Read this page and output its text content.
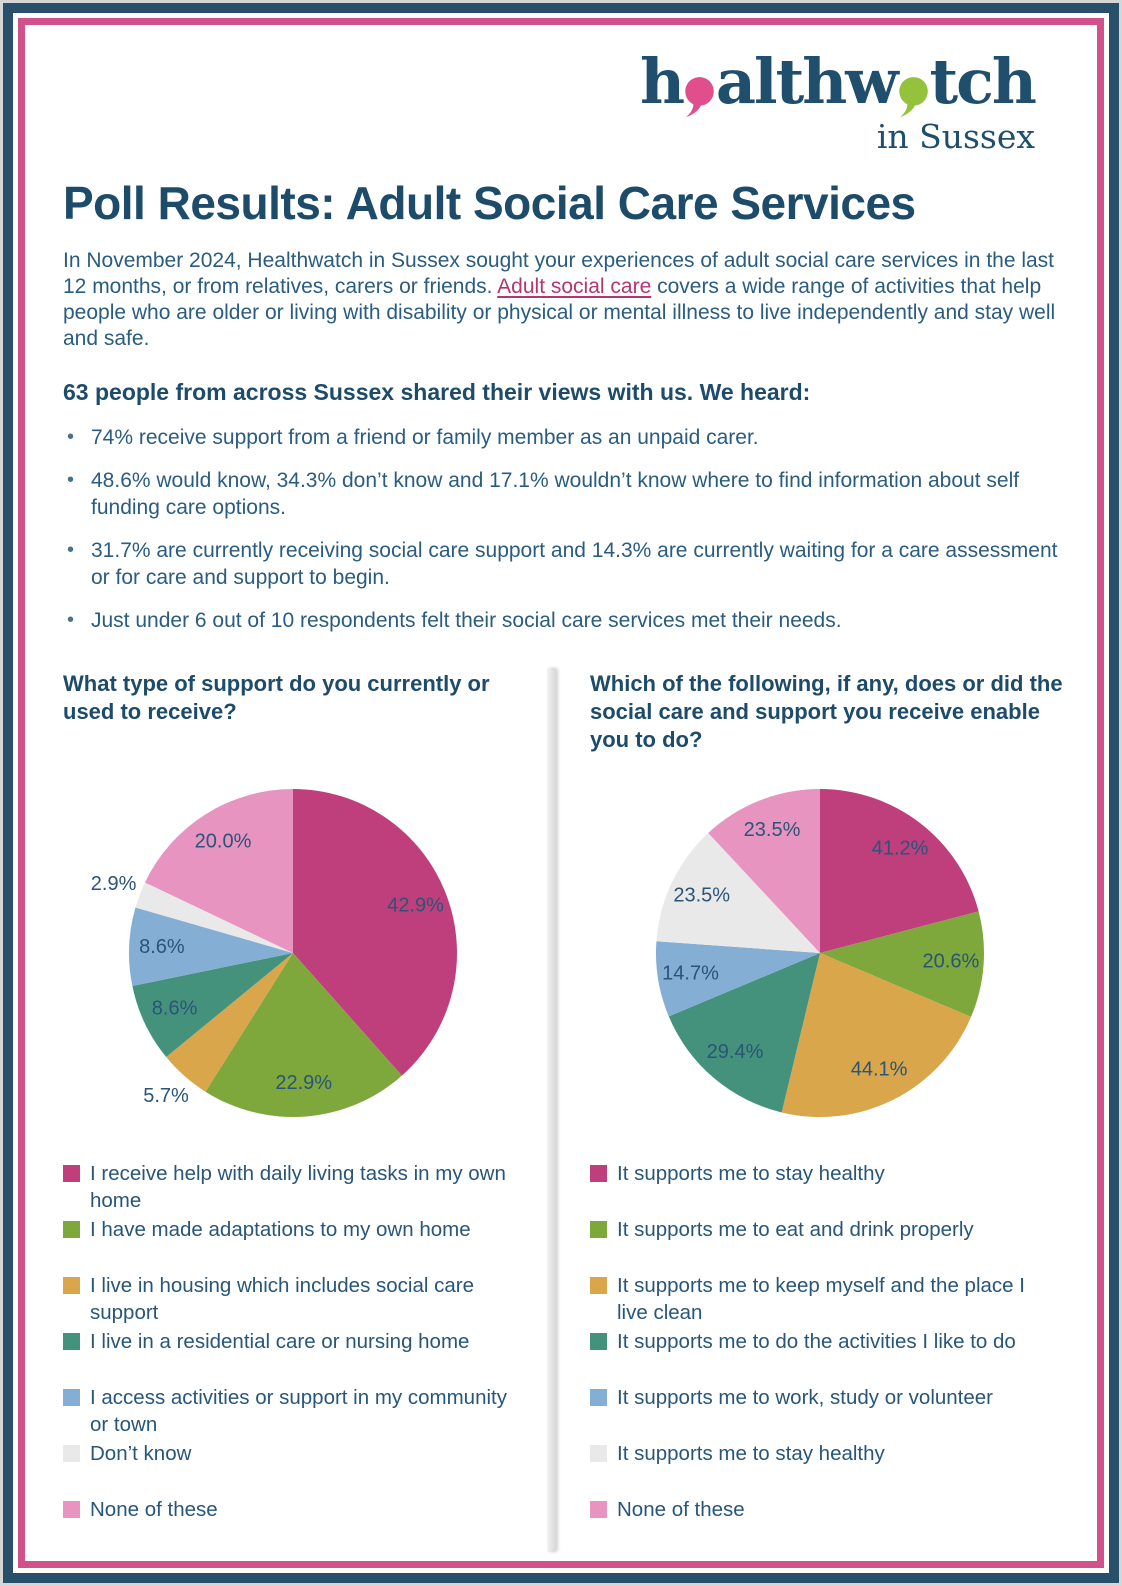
h althw tch
in Sussex
Poll Results: Adult Social Care Services

In November 2024, Healthwatch in Sussex sought your experiences of adult social care services in the last 12 months, or from relatives, carers or friends. Adult social care covers a wide range of activities that help people who are older or living with disability or physical or mental illness to live independently and stay well and safe.

63 people from across Sussex shared their views with us. We heard:
• 74% receive support from a friend or family member as an unpaid carer.
• 48.6% would know, 34.3% don’t know and 17.1% wouldn’t know where to find information about self funding care options.
• 31.7% are currently receiving social care support and 14.3% are currently waiting for a care assessment or for care and support to begin.
• Just under 6 out of 10 respondents felt their social care services met their needs.
What type of support do you currently or used to receive?
42.9%
22.9%
5.7%
8.6%
8.6%
2.9%
20.0%
I receive help with daily living tasks in my own home
I have made adaptations to my own home
I live in housing which includes social care support
I live in a residential care or nursing home
I access activities or support in my community or town
Don’t know
None of these
Which of the following, if any, does or did the social care and support you receive enable you to do?
41.2%
20.6%
44.1%
29.4%
14.7%
23.5%
23.5%
It supports me to stay healthy
It supports me to eat and drink properly
It supports me to keep myself and the place I live clean
It supports me to do the activities I like to do
It supports me to work, study or volunteer
It supports me to stay healthy
None of these
